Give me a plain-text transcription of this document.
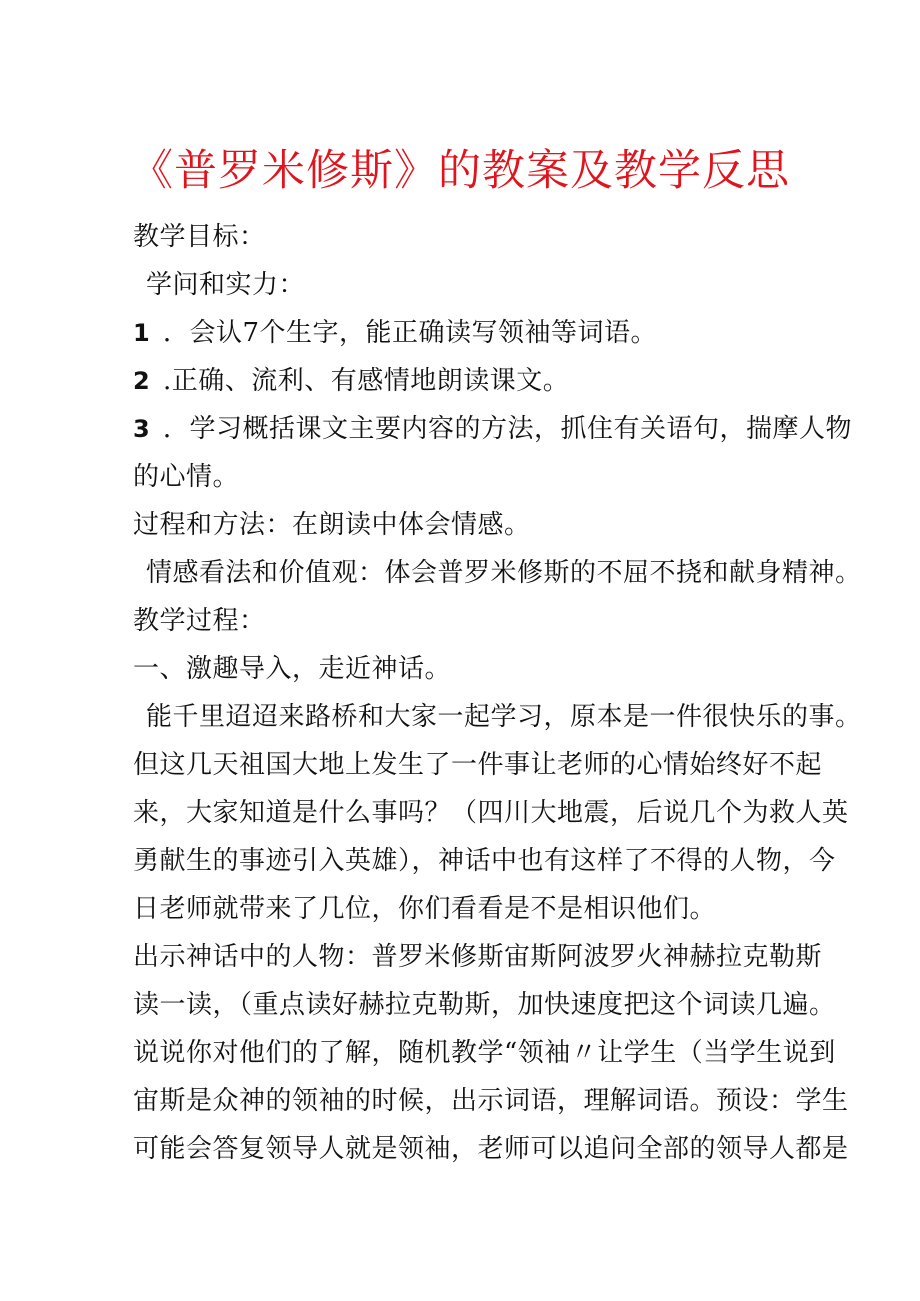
《普罗米修斯》的教案及教学反思
教学目标：
学问和实力：
1 ．会认7个生字，能正确读写领袖等词语。
2 .正确、流利、有感情地朗读课文。
3 ．学习概括课文主要内容的方法，抓住有关语句，揣摩人物
的心情。
过程和方法：在朗读中体会情感。
情感看法和价值观：体会普罗米修斯的不屈不挠和献身精神。
教学过程：
一、激趣导入，走近神话。
能千里迢迢来路桥和大家一起学习，原本是一件很快乐的事。
但这几天祖国大地上发生了一件事让老师的心情始终好不起
来，大家知道是什么事吗？（四川大地震，后说几个为救人英
勇献生的事迹引入英雄），神话中也有这样了不得的人物，今
日老师就带来了几位，你们看看是不是相识他们。
出示神话中的人物：普罗米修斯宙斯阿波罗火神赫拉克勒斯
读一读，（重点读好赫拉克勒斯，加快速度把这个词读几遍。
说说你对他们的了解，随机教学“领袖〃让学生（当学生说到
宙斯是众神的领袖的时候，出示词语，理解词语。预设：学生
可能会答复领导人就是领袖，老师可以追问全部的领导人都是
